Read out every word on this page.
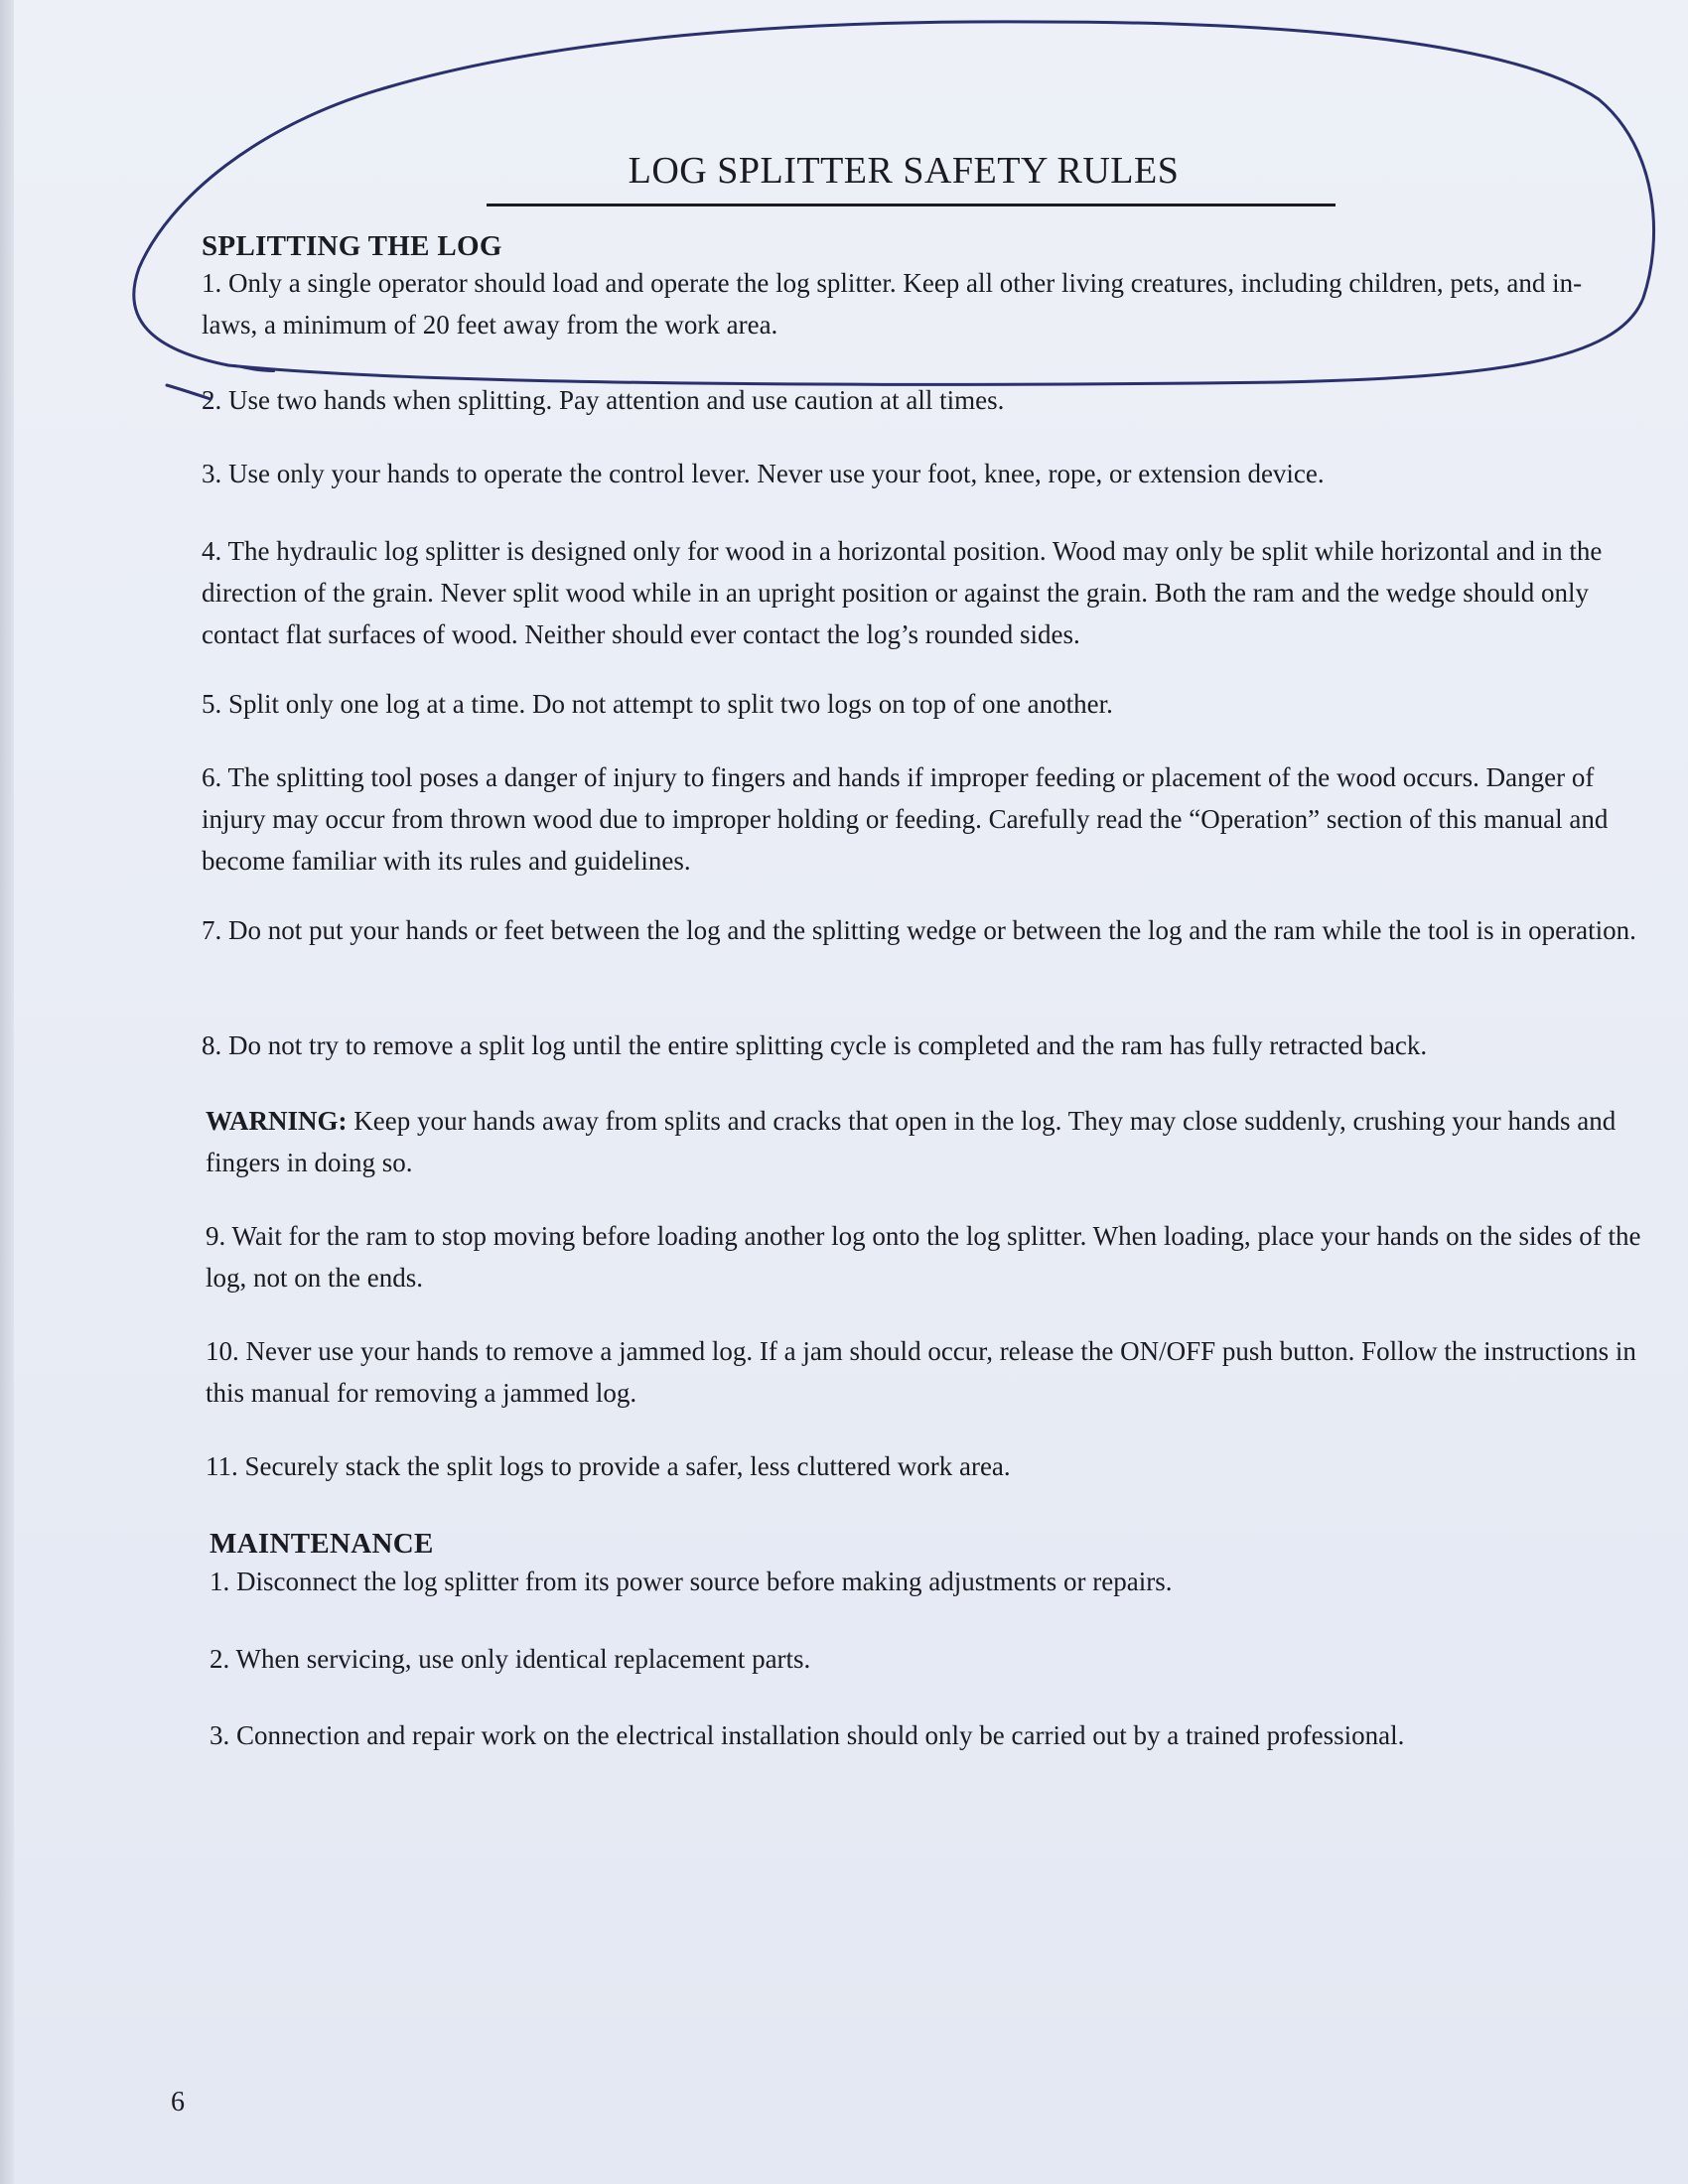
LOG SPLITTER SAFETY RULES
SPLITTING THE LOG

1. Only a single operator should load and operate the log splitter. Keep all other living creatures, including children, pets, and in-laws, a minimum of 20 feet away from the work area.

2. Use two hands when splitting. Pay attention and use caution at all times.

3. Use only your hands to operate the control lever. Never use your foot, knee, rope, or extension device.

4. The hydraulic log splitter is designed only for wood in a horizontal position. Wood may only be split while horizontal and in the direction of the grain. Never split wood while in an upright position or against the grain. Both the ram and the wedge should only contact flat surfaces of wood. Neither should ever contact the log’s rounded sides.

5. Split only one log at a time. Do not attempt to split two logs on top of one another.

6. The splitting tool poses a danger of injury to fingers and hands if improper feeding or placement of the wood occurs. Danger of injury may occur from thrown wood due to improper holding or feeding. Carefully read the “Operation” section of this manual and become familiar with its rules and guidelines.

7. Do not put your hands or feet between the log and the splitting wedge or between the log and the ram while the tool is in operation.

8. Do not try to remove a split log until the entire splitting cycle is completed and the ram has fully retracted back.

WARNING: Keep your hands away from splits and cracks that open in the log. They may close suddenly, crushing your hands and fingers in doing so.

9. Wait for the ram to stop moving before loading another log onto the log splitter. When loading, place your hands on the sides of the log, not on the ends.

10. Never use your hands to remove a jammed log. If a jam should occur, release the ON/OFF push button. Follow the instructions in this manual for removing a jammed log.

11. Securely stack the split logs to provide a safer, less cluttered work area.

MAINTENANCE

1. Disconnect the log splitter from its power source before making adjustments or repairs.

2. When servicing, use only identical replacement parts.

3. Connection and repair work on the electrical installation should only be carried out by a trained professional.

6
